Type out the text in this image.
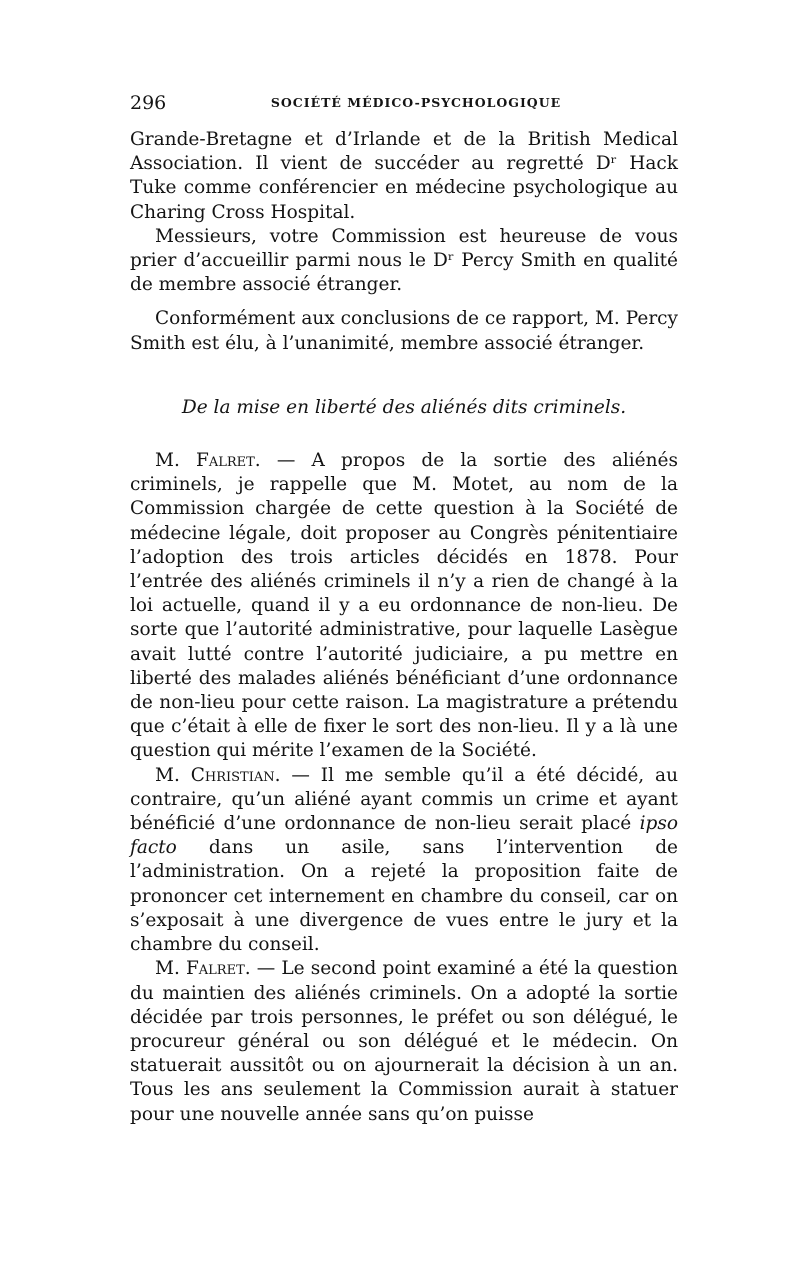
296	SOCIÉTÉ MÉDICO-PSYCHOLOGIQUE

Grande-Bretagne et d’Irlande et de la British Medical Association. Il vient de succéder au regretté Dʳ Hack Tuke comme conférencier en médecine psychologique au Charing Cross Hospital.

Messieurs, votre Commission est heureuse de vous prier d’accueillir parmi nous le Dʳ Percy Smith en qualité de membre associé étranger.

Conformément aux conclusions de ce rapport, M. Percy Smith est élu, à l’unanimité, membre associé étranger.

De la mise en liberté des aliénés dits criminels.

M. Falret. — A propos de la sortie des aliénés criminels, je rappelle que M. Motet, au nom de la Commission chargée de cette question à la Société de médecine légale, doit proposer au Congrès pénitentiaire l’adoption des trois articles décidés en 1878. Pour l’entrée des aliénés criminels il n’y a rien de changé à la loi actuelle, quand il y a eu ordonnance de non-lieu. De sorte que l’autorité administrative, pour laquelle Lasègue avait lutté contre l’autorité judiciaire, a pu mettre en liberté des malades aliénés bénéficiant d’une ordonnance de non-lieu pour cette raison. La magistrature a prétendu que c’était à elle de fixer le sort des non-lieu. Il y a là une question qui mérite l’examen de la Société.

M. Christian. — Il me semble qu’il a été décidé, au contraire, qu’un aliéné ayant commis un crime et ayant bénéficié d’une ordonnance de non-lieu serait placé ipso facto dans un asile, sans l’intervention de l’administration. On a rejeté la proposition faite de prononcer cet internement en chambre du conseil, car on s’exposait à une divergence de vues entre le jury et la chambre du conseil.

M. Falret. — Le second point examiné a été la question du maintien des aliénés criminels. On a adopté la sortie décidée par trois personnes, le préfet ou son délégué, le procureur général ou son délégué et le médecin. On statuerait aussitôt ou on ajournerait la décision à un an. Tous les ans seulement la Commission aurait à statuer pour une nouvelle année sans qu’on puisse
